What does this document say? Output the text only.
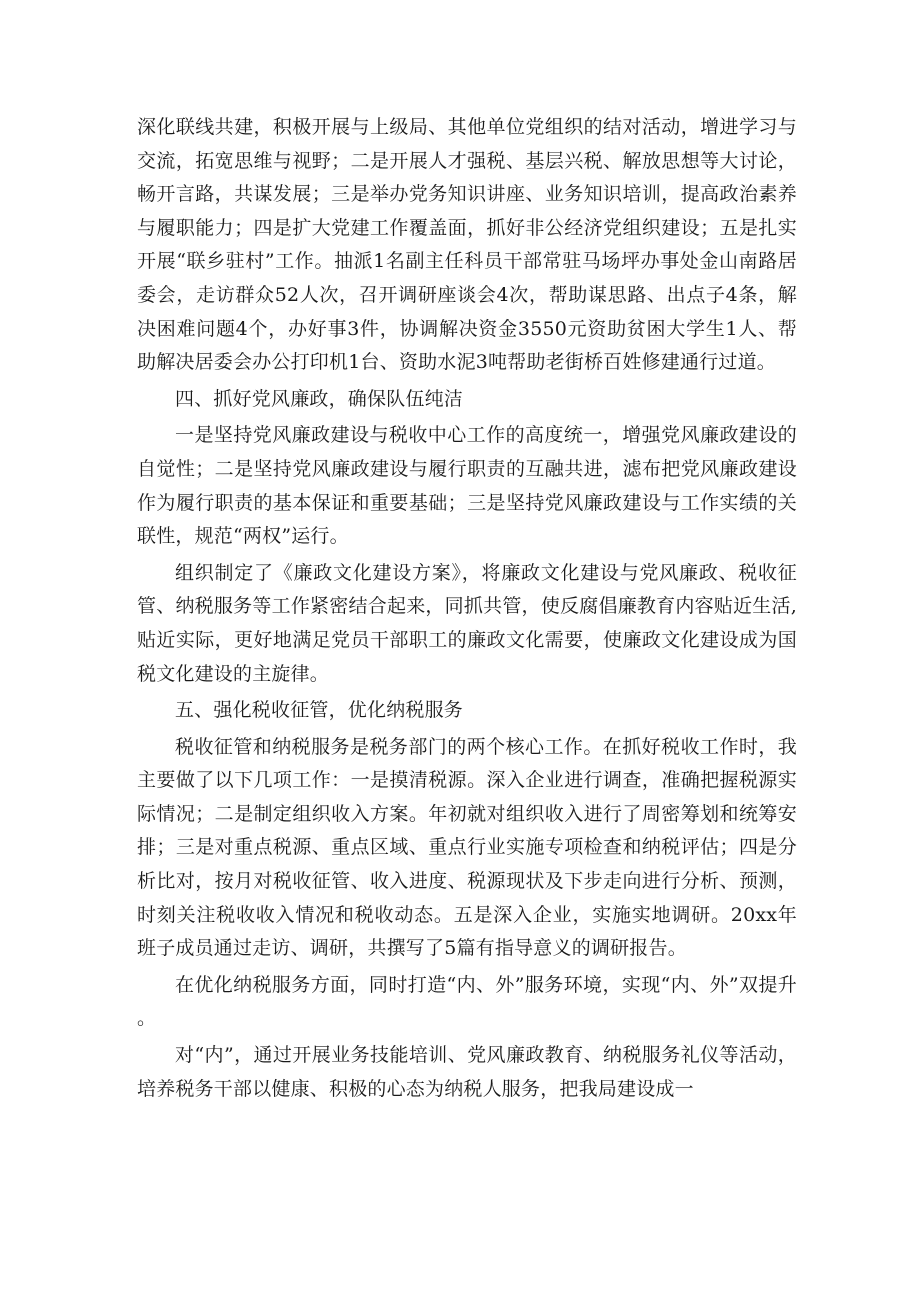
深化联线共建，积极开展与上级局、其他单位党组织的结对活动，增进学习与交流，拓宽思维与视野；二是开展人才强税、基层兴税、解放思想等大讨论，畅开言路，共谋发展；三是举办党务知识讲座、业务知识培训，提高政治素养与履职能力；四是扩大党建工作覆盖面，抓好非公经济党组织建设；五是扎实开展“联乡驻村”工作。抽派1名副主任科员干部常驻马场坪办事处金山南路居委会，走访群众52人次，召开调研座谈会4次，帮助谋思路、出点子4条，解决困难问题4个，办好事3件，协调解决资金3550元资助贫困大学生1人、帮助解决居委会办公打印机1台、资助水泥3吨帮助老街桥百姓修建通行过道。

四、抓好党风廉政，确保队伍纯洁

一是坚持党风廉政建设与税收中心工作的高度统一，增强党风廉政建设的自觉性；二是坚持党风廉政建设与履行职责的互融共进，滤布把党风廉政建设作为履行职责的基本保证和重要基础；三是坚持党风廉政建设与工作实绩的关联性，规范“两权”运行。

组织制定了《廉政文化建设方案》，将廉政文化建设与党风廉政、税收征管、纳税服务等工作紧密结合起来，同抓共管，使反腐倡廉教育内容贴近生活,贴近实际，更好地满足党员干部职工的廉政文化需要，使廉政文化建设成为国税文化建设的主旋律。

五、强化税收征管，优化纳税服务

税收征管和纳税服务是税务部门的两个核心工作。在抓好税收工作时，我主要做了以下几项工作：一是摸清税源。深入企业进行调查，准确把握税源实际情况；二是制定组织收入方案。年初就对组织收入进行了周密筹划和统筹安排；三是对重点税源、重点区域、重点行业实施专项检查和纳税评估；四是分析比对，按月对税收征管、收入进度、税源现状及下步走向进行分析、预测，时刻关注税收收入情况和税收动态。五是深入企业，实施实地调研。20xx年班子成员通过走访、调研，共撰写了5篇有指导意义的调研报告。

在优化纳税服务方面，同时打造“内、外”服务环境，实现“内、外”双提升。

对“内”，通过开展业务技能培训、党风廉政教育、纳税服务礼仪等活动，培养税务干部以健康、积极的心态为纳税人服务，把我局建设成一
